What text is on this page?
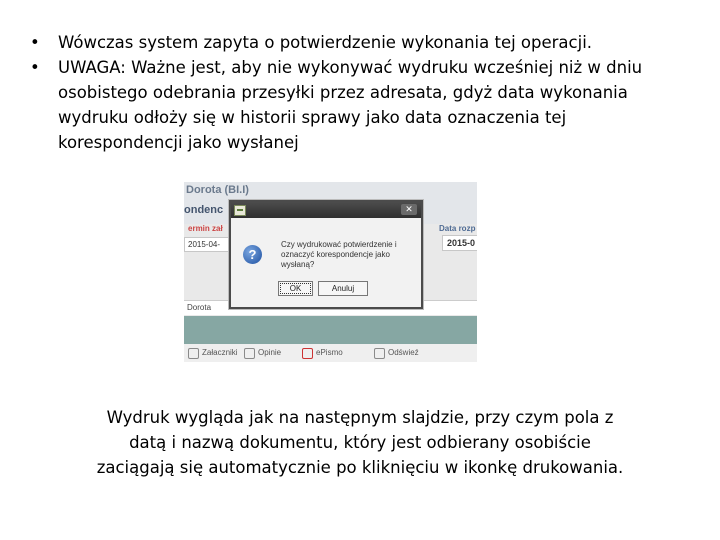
•	Wówczas system zapyta o potwierdzenie wykonania tej operacji.
•	UWAGA: Ważne jest, aby nie wykonywać wydruku wcześniej niż w dniu osobistego odebrania przesyłki przez adresata, gdyż data wykonania wydruku odłoży się w historii sprawy jako data oznaczenia tej korespondencji jako wysłanej
Dorota (BI.I)
ondenc
ermin zał
2015-04-
Data rozp
2015-0
Dorota
Załaczniki	Opinie	ePismo	Odświeź
✕
?
Czy wydrukować potwierdzenie i oznaczyć korespondencje jako wysłaną?
OK	Anuluj
Wydruk wygląda jak na następnym slajdzie, przy czym pola z datą i nazwą dokumentu, który jest odbierany osobiście zaciągają się automatycznie po kliknięciu w ikonkę drukowania.
